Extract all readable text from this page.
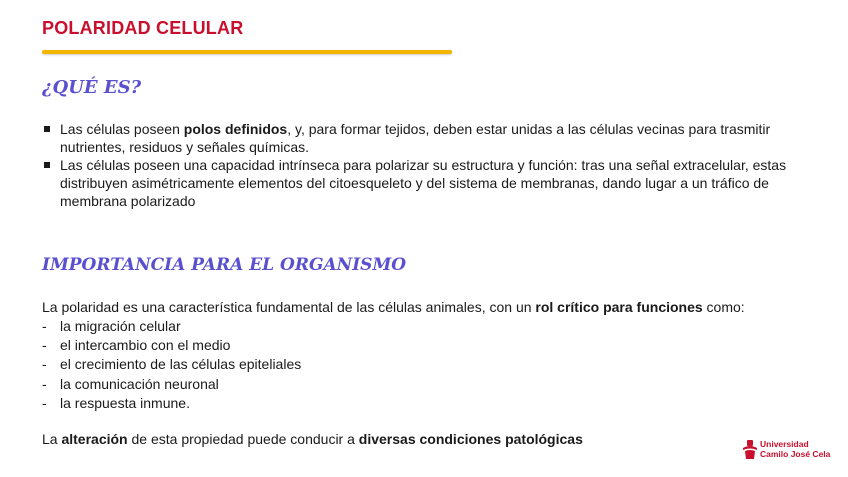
POLARIDAD CELULAR
¿QUÉ ES?
Las células poseen polos definidos, y, para formar tejidos, deben estar unidas a las células vecinas para trasmitir nutrientes, residuos y señales químicas.
Las células poseen una capacidad intrínseca para polarizar su estructura y función: tras una señal extracelular, estas distribuyen asimétricamente elementos del citoesqueleto y del sistema de membranas, dando lugar a un tráfico de membrana polarizado
IMPORTANCIA PARA EL ORGANISMO
La polaridad es una característica fundamental de las células animales, con un rol crítico para funciones como:
- la migración celular
- el intercambio con el medio
- el crecimiento de las células epiteliales
- la comunicación neuronal
- la respuesta inmune.
La alteración de esta propiedad puede conducir a diversas condiciones patológicas	Universidad
Camilo José Cela
